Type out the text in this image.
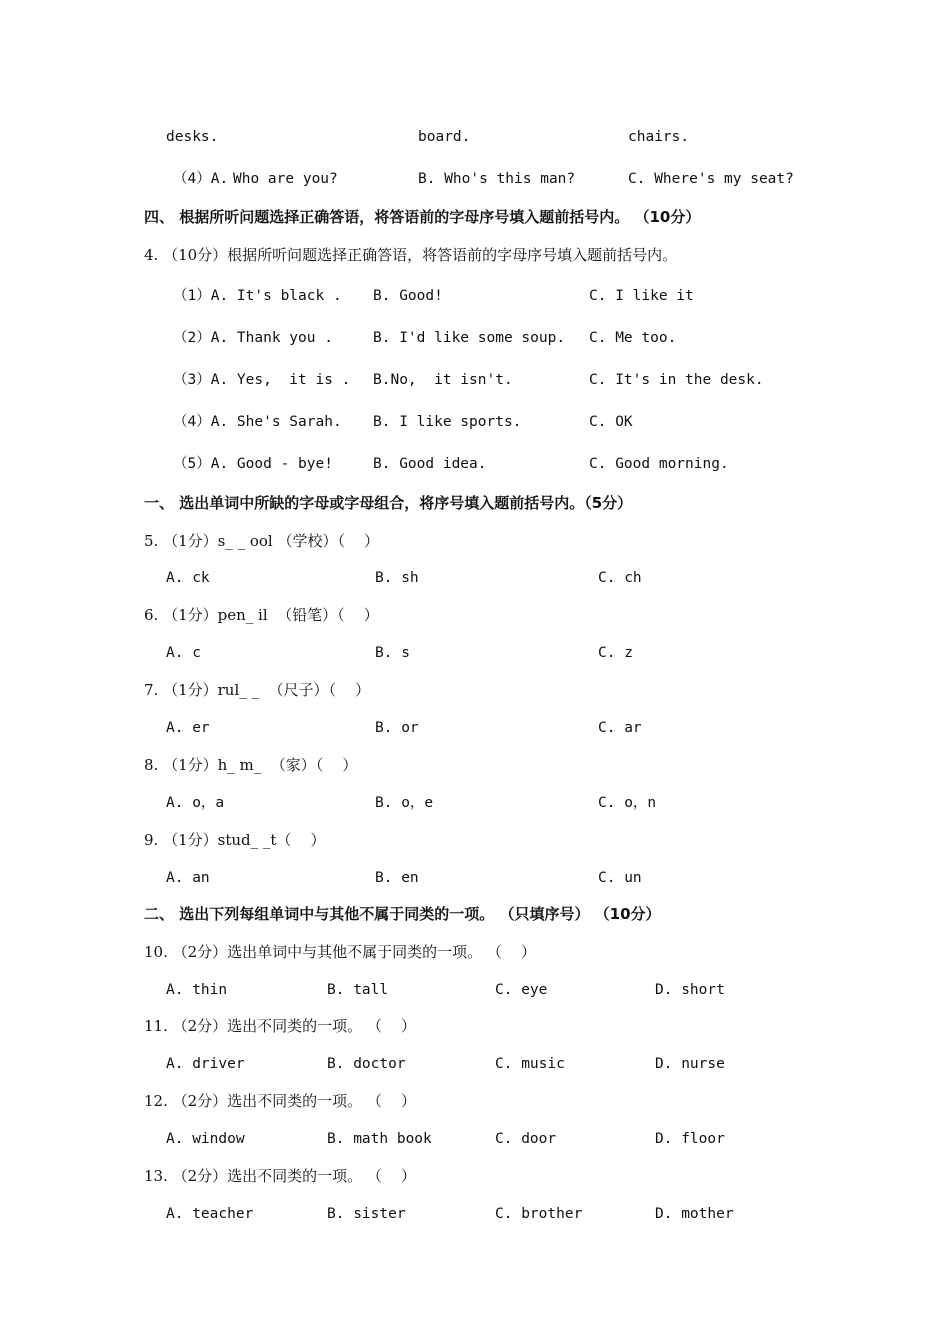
desks.	board.	chairs.
（4）A. Who are you?	B. Who's this man?	C. Where's my seat?
四、 根据所听问题选择正确答语，将答语前的字母序号填入题前括号内。 （10分）
4. （10分）根据所听问题选择正确答语，将答语前的字母序号填入题前括号内。
（1）A. It's black . B. Good!	C. I like it
（2）A. Thank you .	B. I'd like some soup. C. Me too.
（3）A. Yes,  it is . B.No,  it isn't.	C. It's in the desk.
（4）A. She's Sarah. B. I like sports.	C. OK
（5）A. Good - bye!	B. Good idea.	C. Good morning.
一、 选出单词中所缺的字母或字母组合，将序号填入题前括号内。（5分）
5. （1分）s_ _ ool （学校）（    ）
A. ck	B. sh	C. ch
6. （1分）pen_ il  （铅笔）（    ）
A. c	B. s	C. z
7. （1分）rul_ _  （尺子）（    ）
A. er	B. or	C. ar
8. （1分）h_ m_  （家）（    ）
A. o，a	B. o，e	C. o，n
9. （1分）stud_ _t（    ）
A. an	B. en	C. un
二、 选出下列每组单词中与其他不属于同类的一项。 （只填序号） （10分）
10. （2分）选出单词中与其他不属于同类的一项。 （    ）
A. thin	B. tall	C. eye	D. short
11. （2分）选出不同类的一项。 （    ）
A. driver	B. doctor	C. music	D. nurse
12. （2分）选出不同类的一项。 （    ）
A. window	B. math book	C. door	D. floor
13. （2分）选出不同类的一项。 （    ）
A. teacher	B. sister	C. brother	D. mother
